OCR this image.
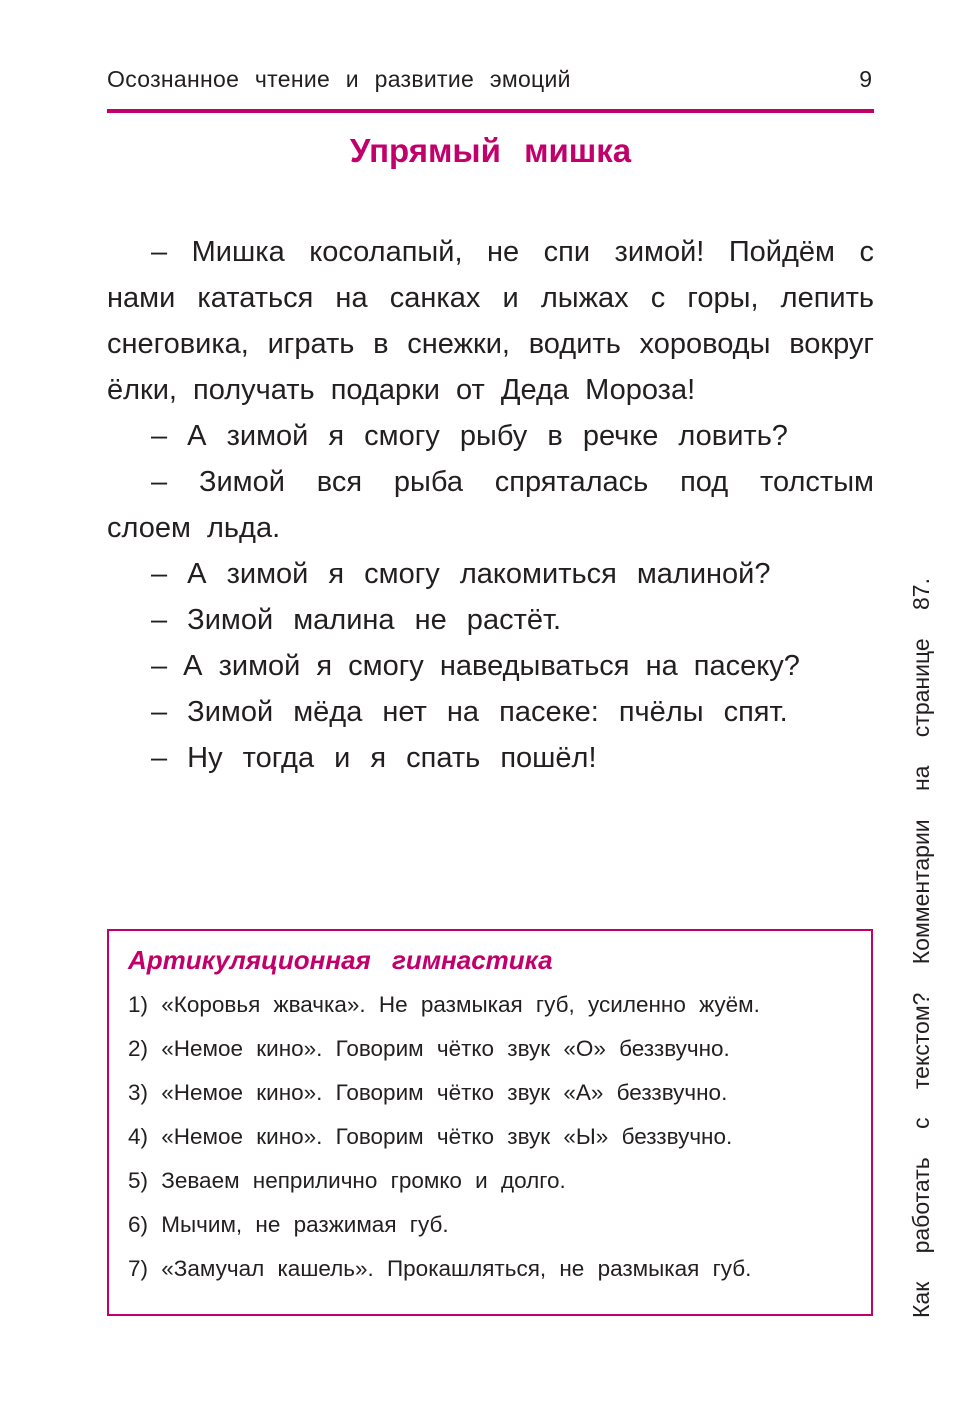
Осознанное чтение и развитие эмоций	9
Упрямый мишка

– Мишка косолапый, не спи зимой! Пойдём с нами кататься на санках и лыжах с горы, лепить снеговика, играть в снежки, водить хороводы вокруг ёлки, получать подарки от Деда Мороза!

– А зимой я смогу рыбу в речке ловить?

– Зимой вся рыба спряталась под толстым слоем льда.

– А зимой я смогу лакомиться малиной?

– Зимой малина не растёт.

– А зимой я смогу наведываться на пасеку?

– Зимой мёда нет на пасеке: пчёлы спят.

– Ну тогда и я спать пошёл!

Артикуляционная гимнастика
1) «Коровья жвачка». Не размыкая губ, усиленно жуём.
2) «Немое кино». Говорим чётко звук «О» беззвучно.
3) «Немое кино». Говорим чётко звук «А» беззвучно.
4) «Немое кино». Говорим чётко звук «Ы» беззвучно.
5) Зеваем неприлично громко и долго.
6) Мычим, не разжимая губ.
7) «Замучал кашель». Прокашляться, не размыкая губ.	Как работать с текстом? Комментарии на странице 87.
